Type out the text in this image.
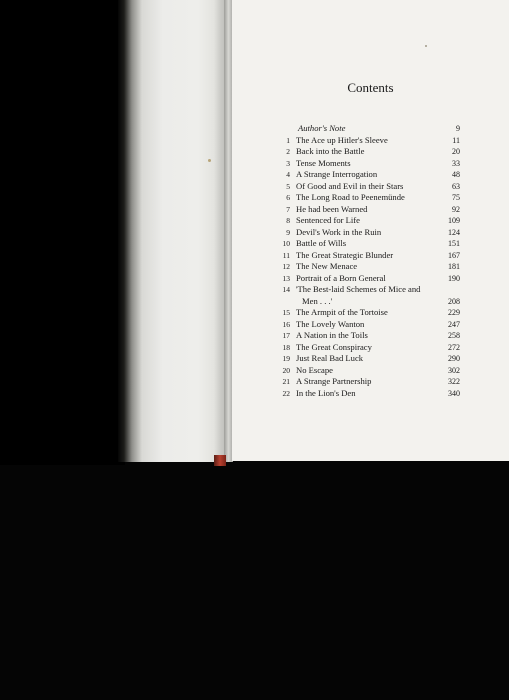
Contents
Author's Note	9
1 The Ace up Hitler's Sleeve	11
2 Back into the Battle	20
3 Tense Moments	33
4 A Strange Interrogation	48
5 Of Good and Evil in their Stars	63
6 The Long Road to Peenemünde	75
7 He had been Warned	92
8 Sentenced for Life	109
9 Devil's Work in the Ruin	124
10 Battle of Wills	151
11 The Great Strategic Blunder	167
12 The New Menace	181
13 Portrait of a Born General	190
14 'The Best-laid Schemes of Mice and
Men . . .'	208
15 The Armpit of the Tortoise	229
16 The Lovely Wanton	247
17 A Nation in the Toils	258
18 The Great Conspiracy	272
19 Just Real Bad Luck	290
20 No Escape	302
21 A Strange Partnership	322
22 In the Lion's Den	340
